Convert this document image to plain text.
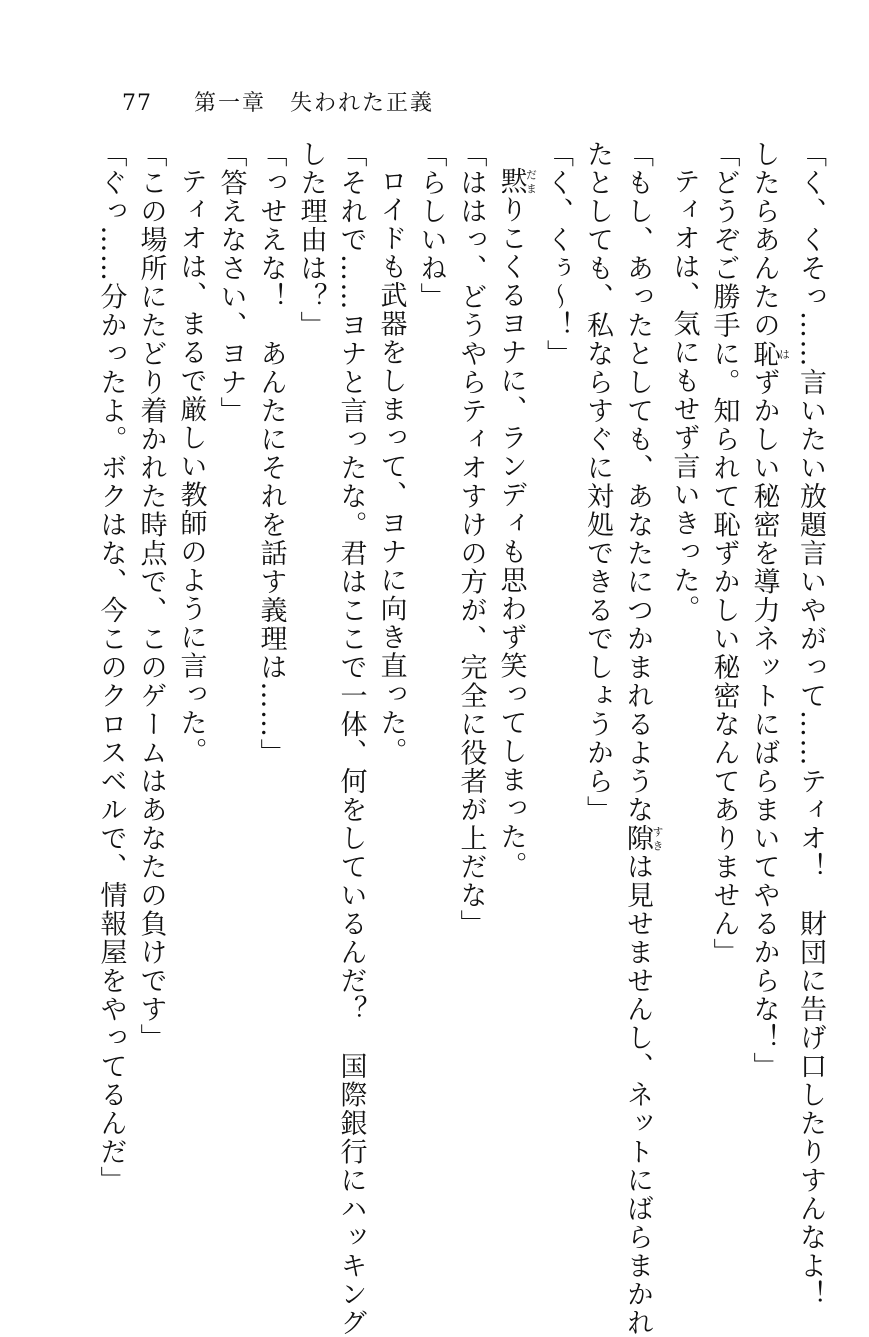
77 第一章　失われた正義
「く、くそっ……言いたい放題言いやがって……ティオ！　財団に告げ口したりすんなよ！
したらあんたの恥はずかしい秘密を導力ネットにばらまいてやるからな！」
「どうぞご勝手に。知られて恥ずかしい秘密なんてありません」
ティオは、気にもせず言いきった。
「もし、あったとしても、あなたにつかまれるような隙すきは見せませんし、ネットにばらまかれ
たとしても、私ならすぐに対処できるでしょうから」
「く、くぅ〜！」
黙だまりこくるヨナに、ランディも思わず笑ってしまった。
「ははっ、どうやらティオすけの方が、完全に役者が上だな」
「らしいね」
ロイドも武器をしまって、ヨナに向き直った。
「それで……ヨナと言ったな。君はここで一体、何をしているんだ？　国際銀行にハッキング
した理由は？」
「っせえな！　あんたにそれを話す義理は……」
「答えなさい、ヨナ」
ティオは、まるで厳しい教師のように言った。
「この場所にたどり着かれた時点で、このゲームはあなたの負けです」
「ぐっ……分かったよ。ボクはな、今このクロスベルで、情報屋をやってるんだ」
